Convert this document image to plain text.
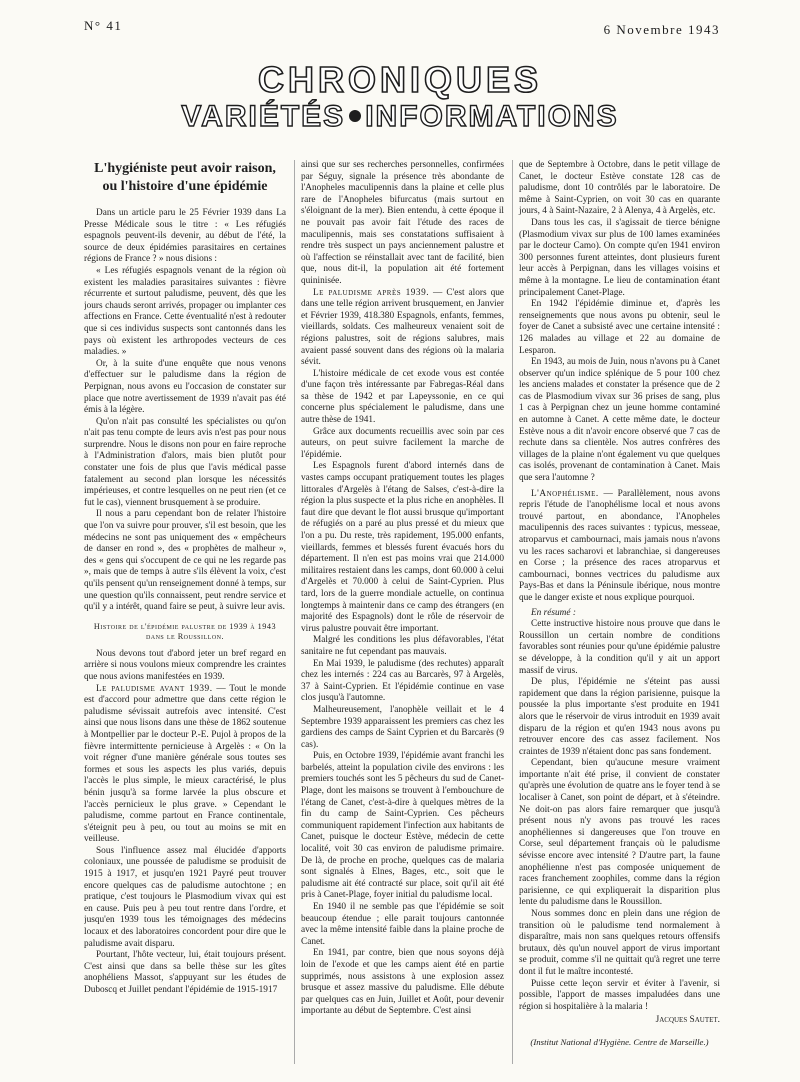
N° 41	6 Novembre 1943
CHRONIQUES
VARIÉTÉS INFORMATIONS
L'hygiéniste peut avoir raison,
ou l'histoire d'une épidémie

Dans un article paru le 25 Février 1939 dans La Presse Médicale sous le titre : « Les réfugiés espagnols peuvent-ils devenir, au début de l'été, la source de deux épidémies parasitaires en certaines régions de France ? » nous disions :

« Les réfugiés espagnols venant de la région où existent les maladies parasitaires suivantes : fièvre récurrente et surtout paludisme, peuvent, dès que les jours chauds seront arrivés, propager ou implanter ces affections en France. Cette éventualité n'est à redouter que si ces individus suspects sont cantonnés dans les pays où existent les arthropodes vecteurs de ces maladies. »

Or, à la suite d'une enquête que nous venons d'effectuer sur le paludisme dans la région de Perpignan, nous avons eu l'occasion de constater sur place que notre avertissement de 1939 n'avait pas été émis à la légère.

Qu'on n'ait pas consulté les spécialistes ou qu'on n'ait pas tenu compte de leurs avis n'est pas pour nous surprendre. Nous le disons non pour en faire reproche à l'Administration d'alors, mais bien plutôt pour constater une fois de plus que l'avis médical passe fatalement au second plan lorsque les nécessités impérieuses, et contre lesquelles on ne peut rien (et ce fut le cas), viennent brusquement à se produire.

Il nous a paru cependant bon de relater l'histoire que l'on va suivre pour prouver, s'il est besoin, que les médecins ne sont pas uniquement des « empêcheurs de danser en rond », des « prophètes de malheur », des « gens qui s'occupent de ce qui ne les regarde pas », mais que de temps à autre s'ils élèvent la voix, c'est qu'ils pensent qu'un renseignement donné à temps, sur une question qu'ils connaissent, peut rendre service et qu'il y a intérêt, quand faire se peut, à suivre leur avis.

Histoire de l'épidémie palustre de 1939 à 1943 dans le Roussillon.

Nous devons tout d'abord jeter un bref regard en arrière si nous voulons mieux comprendre les craintes que nous avions manifestées en 1939.

Le paludisme avant 1939. — Tout le monde est d'accord pour admettre que dans cette région le paludisme sévissait autrefois avec intensité. C'est ainsi que nous lisons dans une thèse de 1862 soutenue à Montpellier par le docteur P.-E. Pujol à propos de la fièvre intermittente pernicieuse à Argelès : « On la voit régner d'une manière générale sous toutes ses formes et sous les aspects les plus variés, depuis l'accès le plus simple, le mieux caractérisé, le plus bénin jusqu'à sa forme larvée la plus obscure et l'accès pernicieux le plus grave. » Cependant le paludisme, comme partout en France continentale, s'éteignit peu à peu, ou tout au moins se mit en veilleuse.

Sous l'influence assez mal élucidée d'apports coloniaux, une poussée de paludisme se produisit de 1915 à 1917, et jusqu'en 1921 Payré peut trouver encore quelques cas de paludisme autochtone ; en pratique, c'est toujours le Plasmodium vivax qui est en cause. Puis peu à peu tout rentre dans l'ordre, et jusqu'en 1939 tous les témoignages des médecins locaux et des laboratoires concordent pour dire que le paludisme avait disparu.

Pourtant, l'hôte vecteur, lui, était toujours présent. C'est ainsi que dans sa belle thèse sur les gîtes anophéliens Massot, s'appuyant sur les études de Duboscq et Juillet pendant l'épidémie de 1915-1917

ainsi que sur ses recherches personnelles, confirmées par Séguy, signale la présence très abondante de l'Anopheles maculipennis dans la plaine et celle plus rare de l'Anopheles bifurcatus (mais surtout en s'éloignant de la mer). Bien entendu, à cette époque il ne pouvait pas avoir fait l'étude des races de maculipennis, mais ses constatations suffisaient à rendre très suspect un pays anciennement palustre et où l'affection se réinstallait avec tant de facilité, bien que, nous dit-il, la population ait été fortement quininisée.

Le paludisme après 1939. — C'est alors que dans une telle région arrivent brusquement, en Janvier et Février 1939, 418.380 Espagnols, enfants, femmes, vieillards, soldats. Ces malheureux venaient soit de régions palustres, soit de régions salubres, mais avaient passé souvent dans des régions où la malaria sévit.

L'histoire médicale de cet exode vous est contée d'une façon très intéressante par Fabregas-Réal dans sa thèse de 1942 et par Lapeyssonie, en ce qui concerne plus spécialement le paludisme, dans une autre thèse de 1941.

Grâce aux documents recueillis avec soin par ces auteurs, on peut suivre facilement la marche de l'épidémie.

Les Espagnols furent d'abord internés dans de vastes camps occupant pratiquement toutes les plages littorales d'Argelès à l'étang de Salses, c'est-à-dire la région la plus suspecte et la plus riche en anophèles. Il faut dire que devant le flot aussi brusque qu'important de réfugiés on a paré au plus pressé et du mieux que l'on a pu. Du reste, très rapidement, 195.000 enfants, vieillards, femmes et blessés furent évacués hors du département. Il n'en est pas moins vrai que 214.000 militaires restaient dans les camps, dont 60.000 à celui d'Argelès et 70.000 à celui de Saint-Cyprien. Plus tard, lors de la guerre mondiale actuelle, on continua longtemps à maintenir dans ce camp des étrangers (en majorité des Espagnols) dont le rôle de réservoir de virus palustre pouvait être important.

Malgré les conditions les plus défavorables, l'état sanitaire ne fut cependant pas mauvais.

En Mai 1939, le paludisme (des rechutes) apparaît chez les internés : 224 cas au Barcarès, 97 à Argelès, 37 à Saint-Cyprien. Et l'épidémie continue en vase clos jusqu'à l'automne.

Malheureusement, l'anophèle veillait et le 4 Septembre 1939 apparaissent les premiers cas chez les gardiens des camps de Saint Cyprien et du Barcarès (9 cas).

Puis, en Octobre 1939, l'épidémie avant franchi les barbelés, atteint la population civile des environs : les premiers touchés sont les 5 pêcheurs du sud de Canet-Plage, dont les maisons se trouvent à l'embouchure de l'étang de Canet, c'est-à-dire à quelques mètres de la fin du camp de Saint-Cyprien. Ces pêcheurs communiquent rapidement l'infection aux habitants de Canet, puisque le docteur Estève, médecin de cette localité, voit 30 cas environ de paludisme primaire. De là, de proche en proche, quelques cas de malaria sont signalés à Elnes, Bages, etc., soit que le paludisme ait été contracté sur place, soit qu'il ait été pris à Canet-Plage, foyer initial du paludisme local.

En 1940 il ne semble pas que l'épidémie se soit beaucoup étendue ; elle parait toujours cantonnée avec la même intensité faible dans la plaine proche de Canet.

En 1941, par contre, bien que nous soyons déjà loin de l'exode et que les camps aient été en partie supprimés, nous assistons à une explosion assez brusque et assez massive du paludisme. Elle débute par quelques cas en Juin, Juillet et Août, pour devenir importante au début de Septembre. C'est ainsi

que de Septembre à Octobre, dans le petit village de Canet, le docteur Estève constate 128 cas de paludisme, dont 10 contrôlés par le laboratoire. De même à Saint-Cyprien, on voit 30 cas en quarante jours, 4 à Saint-Nazaire, 2 à Alenya, 4 à Argelès, etc.

Dans tous les cas, il s'agissait de tierce bénigne (Plasmodium vivax sur plus de 100 lames examinées par le docteur Camo). On compte qu'en 1941 environ 300 personnes furent atteintes, dont plusieurs furent leur accès à Perpignan, dans les villages voisins et même à la montagne. Le lieu de contamination étant principalement Canet-Plage.

En 1942 l'épidémie diminue et, d'après les renseignements que nous avons pu obtenir, seul le foyer de Canet a subsisté avec une certaine intensité : 126 malades au village et 22 au domaine de Lesparon.

En 1943, au mois de Juin, nous n'avons pu à Canet observer qu'un indice splénique de 5 pour 100 chez les anciens malades et constater la présence que de 2 cas de Plasmodium vivax sur 36 prises de sang, plus 1 cas à Perpignan chez un jeune homme contaminé en automne à Canet. A cette même date, le docteur Estève nous a dit n'avoir encore observé que 7 cas de rechute dans sa clientèle. Nos autres confrères des villages de la plaine n'ont également vu que quelques cas isolés, provenant de contamination à Canet. Mais que sera l'automne ?

L'Anophélisme. — Parallèlement, nous avons repris l'étude de l'anophélisme local et nous avons trouvé partout, en abondance, l'Anopheles maculipennis des races suivantes : typicus, messeae, atroparvus et cambournaci, mais jamais nous n'avons vu les races sacharovi et labranchiae, si dangereuses en Corse ; la présence des races atroparvus et cambournaci, bonnes vectrices du paludisme aux Pays-Bas et dans la Péninsule ibérique, nous montre que le danger existe et nous explique pourquoi.

En résumé :

Cette instructive histoire nous prouve que dans le Roussillon un certain nombre de conditions favorables sont réunies pour qu'une épidémie palustre se développe, à la condition qu'il y ait un apport massif de virus.

De plus, l'épidémie ne s'éteint pas aussi rapidement que dans la région parisienne, puisque la poussée la plus importante s'est produite en 1941 alors que le réservoir de virus introduit en 1939 avait disparu de la région et qu'en 1943 nous avons pu retrouver encore des cas assez facilement. Nos craintes de 1939 n'étaient donc pas sans fondement.

Cependant, bien qu'aucune mesure vraiment importante n'ait été prise, il convient de constater qu'après une évolution de quatre ans le foyer tend à se localiser à Canet, son point de départ, et à s'éteindre. Ne doit-on pas alors faire remarquer que jusqu'à présent nous n'y avons pas trouvé les races anophéliennes si dangereuses que l'on trouve en Corse, seul département français où le paludisme sévisse encore avec intensité ? D'autre part, la faune anophélienne n'est pas composée uniquement de races franchement zoophiles, comme dans la région parisienne, ce qui expliquerait la disparition plus lente du paludisme dans le Roussillon.

Nous sommes donc en plein dans une région de transition où le paludisme tend normalement à disparaître, mais non sans quelques retours offensifs brutaux, dès qu'un nouvel apport de virus important se produit, comme s'il ne quittait qu'à regret une terre dont il fut le maître incontesté.

Puisse cette leçon servir et éviter à l'avenir, si possible, l'apport de masses impaludées dans une région si hospitalière à la malaria !

Jacques Sautet.
(Institut National d'Hygiène. Centre de Marseille.)
